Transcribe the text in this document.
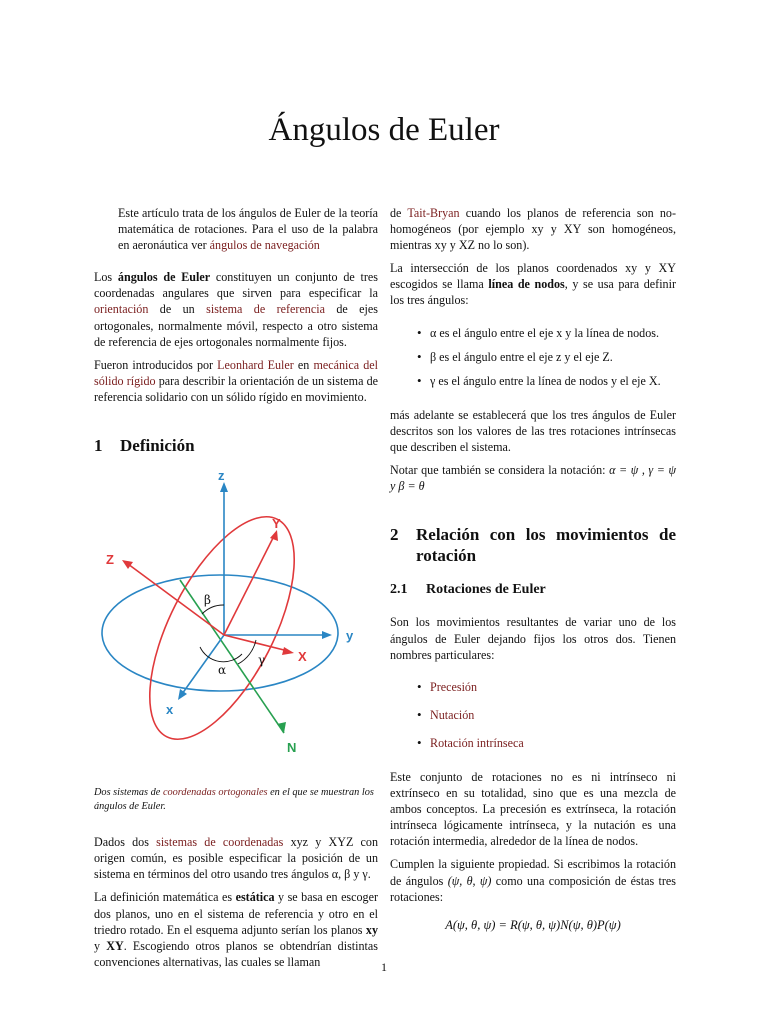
Ángulos de Euler

Este artículo trata de los ángulos de Euler de la teoría matemática de rotaciones. Para el uso de la palabra en aeronáutica ver ángulos de navegación

Los ángulos de Euler constituyen un conjunto de tres coordenadas angulares que sirven para especificar la orientación de un sistema de referencia de ejes ortogonales, normalmente móvil, respecto a otro sistema de referencia de ejes ortogonales normalmente fijos.

Fueron introducidos por Leonhard Euler en mecánica del sólido rígido para describir la orientación de un sistema de referencia solidario con un sólido rígido en movimiento.

1	Definición
z
Y
Z
X
y
x
N
β
α
γ

Dos sistemas de coordenadas ortogonales en el que se muestran los ángulos de Euler.

Dados dos sistemas de coordenadas xyz y XYZ con origen común, es posible especificar la posición de un sistema en términos del otro usando tres ángulos α, β y γ.

La definición matemática es estática y se basa en escoger dos planos, uno en el sistema de referencia y otro en el triedro rotado. En el esquema adjunto serían los planos xy y XY. Escogiendo otros planos se obtendrían distintas convenciones alternativas, las cuales se llaman

de Tait-Bryan cuando los planos de referencia son no-homogéneos (por ejemplo xy y XY son homogéneos, mientras xy y XZ no lo son).

La intersección de los planos coordenados xy y XY escogidos se llama línea de nodos, y se usa para definir los tres ángulos:

• α es el ángulo entre el eje x y la línea de nodos.
• β es el ángulo entre el eje z y el eje Z.
• γ es el ángulo entre la línea de nodos y el eje X.

más adelante se establecerá que los tres ángulos de Euler descritos son los valores de las tres rotaciones intrínsecas que describen el sistema.

Notar que también se considera la notación: α = ψ , γ = ψ y β = θ

2	Relación con los movimientos de rotación
2.1	Rotaciones de Euler

Son los movimientos resultantes de variar uno de los ángulos de Euler dejando fijos los otros dos. Tienen nombres particulares:

• Precesión
• Nutación
• Rotación intrínseca

Este conjunto de rotaciones no es ni intrínseco ni extrínseco en su totalidad, sino que es una mezcla de ambos conceptos. La precesión es extrínseca, la rotación intrínseca lógicamente intrínseca, y la nutación es una rotación intermedia, alrededor de la línea de nodos.

Cumplen la siguiente propiedad. Si escribimos la rotación de ángulos (ψ, θ, ψ) como una composición de éstas tres rotaciones:

A(ψ, θ, ψ) = R(ψ, θ, ψ)N(ψ, θ)P(ψ)
1
